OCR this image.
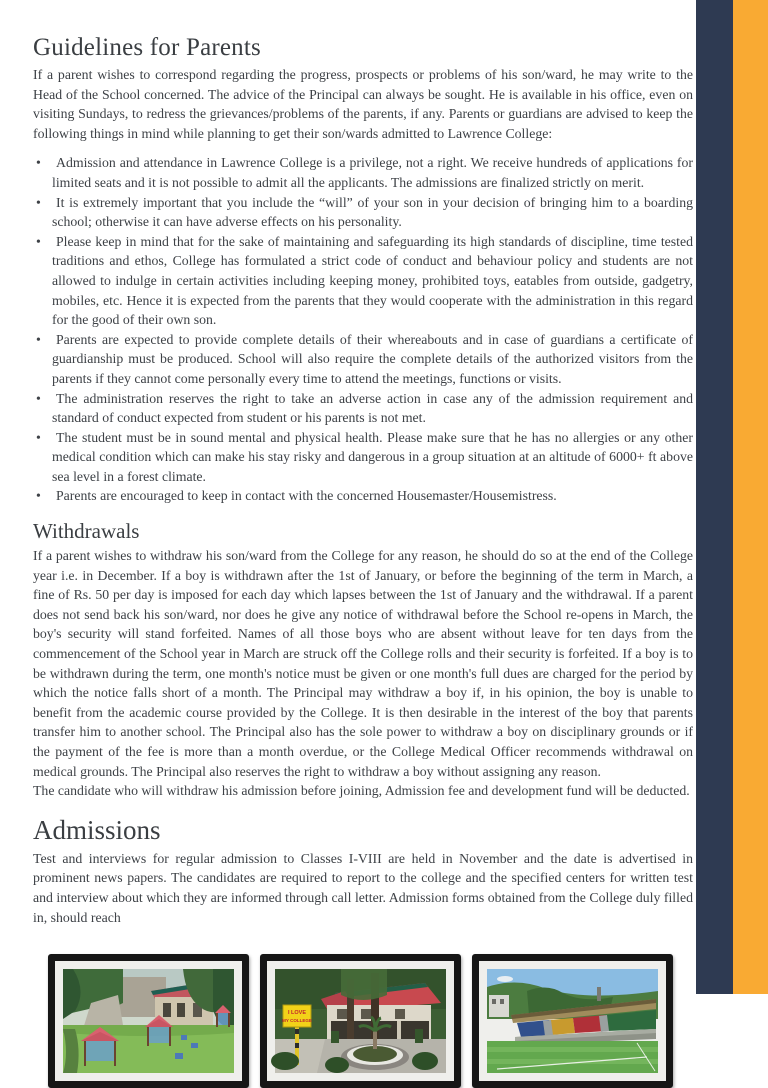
Guidelines for Parents

If a parent wishes to correspond regarding the progress, prospects or problems of his son/ward, he may write to the Head of the School concerned. The advice of the Principal can always be sought. He is available in his office, even on visiting Sundays, to redress the grievances/problems of the parents, if any. Parents or guardians are advised to keep the following things in mind while planning to get their son/wards admitted to Lawrence College:

• Admission and attendance in Lawrence College is a privilege, not a right. We receive hundreds of applications for limited seats and it is not possible to admit all the applicants. The admissions are finalized strictly on merit.
• It is extremely important that you include the “will” of your son in your decision of bringing him to a boarding school; otherwise it can have adverse effects on his personality.
• Please keep in mind that for the sake of maintaining and safeguarding its high standards of discipline, time tested traditions and ethos, College has formulated a strict code of conduct and behaviour policy and students are not allowed to indulge in certain activities including keeping money, prohibited toys, eatables from outside, gadgetry, mobiles, etc. Hence it is expected from the parents that they would cooperate with the administration in this regard for the good of their own son.
• Parents are expected to provide complete details of their whereabouts and in case of guardians a certificate of guardianship must be produced. School will also require the complete details of the authorized visitors from the parents if they cannot come personally every time to attend the meetings, functions or visits.
• The administration reserves the right to take an adverse action in case any of the admission requirement and standard of conduct expected from student or his parents is not met.
• The student must be in sound mental and physical health. Please make sure that he has no allergies or any other medical condition which can make his stay risky and dangerous in a group situation at an altitude of 6000+ ft above sea level in a forest climate.
• Parents are encouraged to keep in contact with the concerned Housemaster/Housemistress.
Withdrawals

If a parent wishes to withdraw his son/ward from the College for any reason, he should do so at the end of the College year i.e. in December. If a boy is withdrawn after the 1st of January, or before the beginning of the term in March, a fine of Rs. 50 per day is imposed for each day which lapses between the 1st of January and the withdrawal. If a parent does not send back his son/ward, nor does he give any notice of withdrawal before the School re-opens in March, the boy's security will stand forfeited. Names of all those boys who are absent without leave for ten days from the commencement of the School year in March are struck off the College rolls and their security is forfeited. If a boy is to be withdrawn during the term, one month's notice must be given or one month's full dues are charged for the period by which the notice falls short of a month. The Principal may withdraw a boy if, in his opinion, the boy is unable to benefit from the academic course provided by the College. It is then desirable in the interest of the boy that parents transfer him to another school. The Principal also has the sole power to withdraw a boy on disciplinary grounds or if the payment of the fee is more than a month overdue, or the College Medical Officer recommends withdrawal on medical grounds. The Principal also reserves the right to withdraw a boy without assigning any reason.

The candidate who will withdraw his admission before joining, Admission fee and development fund will be deducted.

Admissions

Test and interviews for regular admission to Classes I-VIII are held in November and the date is advertised in prominent news papers. The candidates are required to report to the college and the specified centers for written test and interview about which they are informed through call letter. Admission forms obtained from the College duly filled in, should reach

I LOVE
MY COLLEGE
